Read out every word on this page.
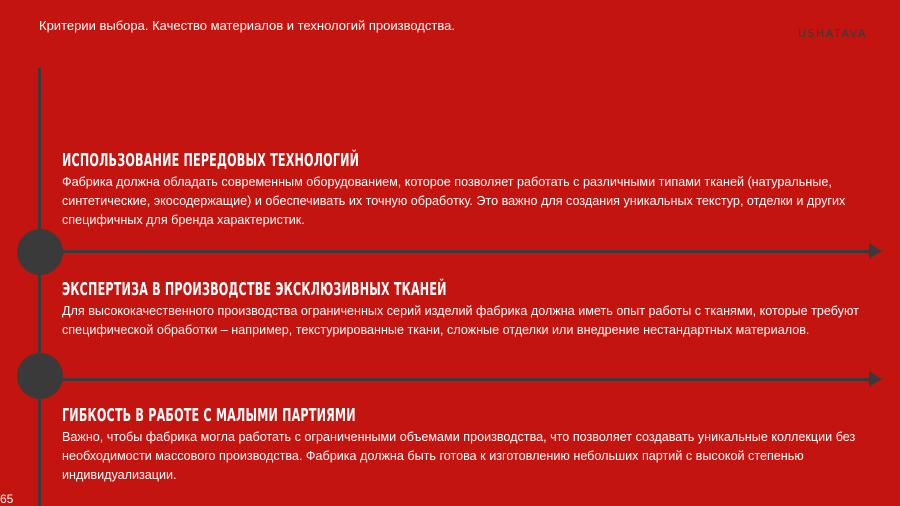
Критерии выбора. Качество материалов и технологий производства.
USHATAVA
ИСПОЛЬЗОВАНИЕ ПЕРЕДОВЫХ ТЕХНОЛОГИЙ

Фабрика должна обладать современным оборудованием, которое позволяет работать с различными типами тканей (натуральные, синтетические, экосодержащие) и обеспечивать их точную обработку. Это важно для создания уникальных текстур, отделки и других специфичных для бренда характеристик.

ЭКСПЕРТИЗА В ПРОИЗВОДСТВЕ ЭКСКЛЮЗИВНЫХ ТКАНЕЙ

Для высококачественного производства ограниченных серий изделий фабрика должна иметь опыт работы с тканями, которые требуют специфической обработки – например, текстурированные ткани, сложные отделки или внедрение нестандартных материалов.

ГИБКОСТЬ В РАБОТЕ С МАЛЫМИ ПАРТИЯМИ

Важно, чтобы фабрика могла работать с ограниченными объемами производства, что позволяет создавать уникальные коллекции без необходимости массового производства. Фабрика должна быть готова к изготовлению небольших партий с высокой степенью индивидуализации.

65
